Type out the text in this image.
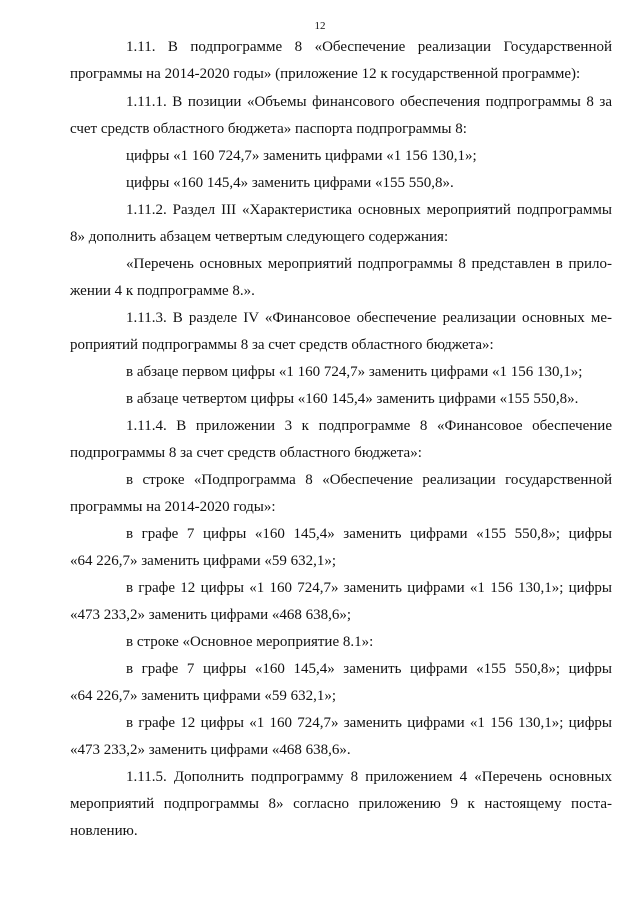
12
1.11. В подпрограмме 8 «Обеспечение реализации Государственной
программы на 2014-2020 годы» (приложение 12 к государственной программе):
1.11.1. В позиции «Объемы финансового обеспечения подпрограммы 8 за
счет средств областного бюджета» паспорта подпрограммы 8:
цифры «1 160 724,7» заменить цифрами «1 156 130,1»;
цифры «160 145,4» заменить цифрами «155 550,8».
1.11.2. Раздел III «Характеристика основных мероприятий подпрограммы
8» дополнить абзацем четвертым следующего содержания:
«Перечень основных мероприятий подпрограммы 8 представлен в прило-
жении 4 к подпрограмме 8.».
1.11.3. В разделе IV «Финансовое обеспечение реализации основных ме-
роприятий подпрограммы 8 за счет средств областного бюджета»:
в абзаце первом цифры «1 160 724,7» заменить цифрами «1 156 130,1»;
в абзаце четвертом цифры «160 145,4» заменить цифрами «155 550,8».
1.11.4. В приложении 3 к подпрограмме 8 «Финансовое обеспечение
подпрограммы 8 за счет средств областного бюджета»:
в строке «Подпрограмма 8 «Обеспечение реализации государственной
программы на 2014-2020 годы»:
в графе 7 цифры «160 145,4» заменить цифрами «155 550,8»; цифры
«64 226,7» заменить цифрами «59 632,1»;
в графе 12 цифры «1 160 724,7» заменить цифрами «1 156 130,1»; цифры
«473 233,2» заменить цифрами «468 638,6»;
в строке «Основное мероприятие 8.1»:
в графе 7 цифры «160 145,4» заменить цифрами «155 550,8»; цифры
«64 226,7» заменить цифрами «59 632,1»;
в графе 12 цифры «1 160 724,7» заменить цифрами «1 156 130,1»; цифры
«473 233,2» заменить цифрами «468 638,6».
1.11.5. Дополнить подпрограмму 8 приложением 4 «Перечень основных
мероприятий подпрограммы 8» согласно приложению 9 к настоящему поста-
новлению.
